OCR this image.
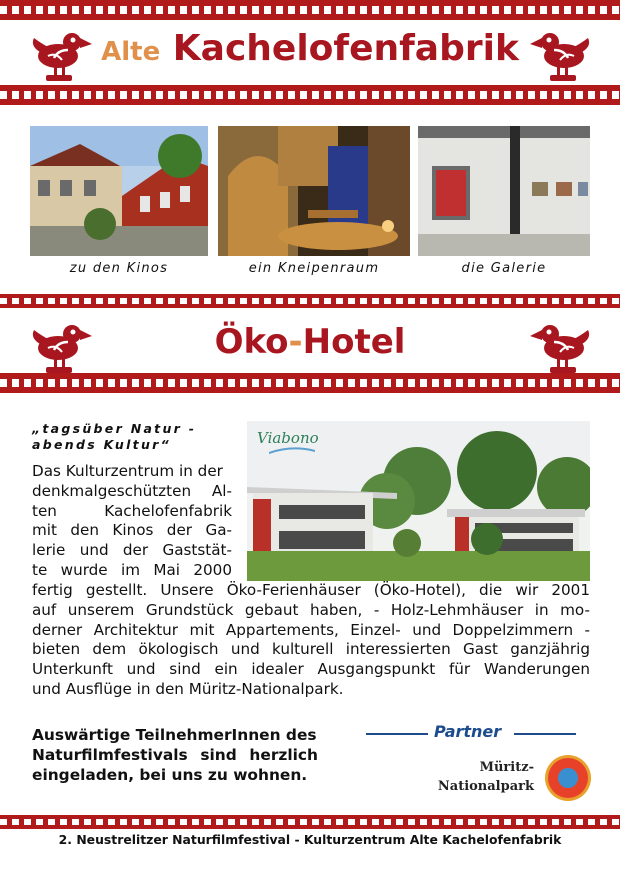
Alte Kachelofenfabrik
zu den Kinos	ein Kneipenraum	die Galerie
Öko-Hotel
„tagsüber Natur -
abends Kultur“	Viabono
Das Kulturzentrum in der
denkmalgeschützten Al-
ten Kachelofenfabrik
mit den Kinos der Ga-
lerie und der Gaststät-
te wurde im Mai 2000
fertig gestellt. Unsere Öko-Ferienhäuser (Öko-Hotel), die wir 2001
auf unserem Grundstück gebaut haben, - Holz-Lehmhäuser in mo-
derner Architektur mit Appartements, Einzel- und Doppelzimmern -
bieten dem ökologisch und kulturell interessierten Gast ganzjährig
Unterkunft und sind ein idealer Ausgangspunkt für Wanderungen
und Ausflüge in den Müritz-Nationalpark.
Auswärtige TeilnehmerInnen des
Naturfilmfestivals sind herzlich
eingeladen, bei uns zu wohnen.
Partner
Müritz-
Nationalpark
2. Neustrelitzer Naturfilmfestival - Kulturzentrum Alte Kachelofenfabrik
